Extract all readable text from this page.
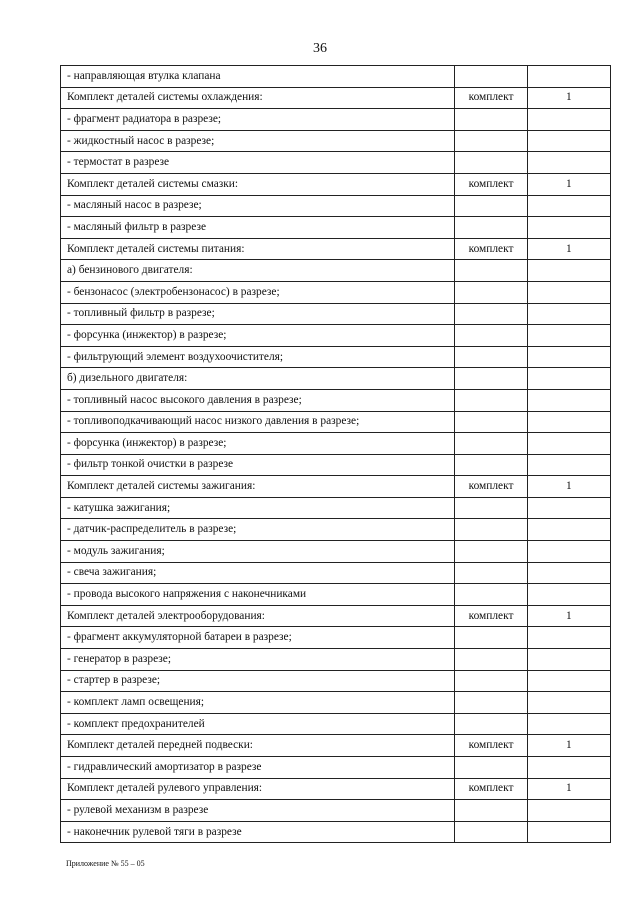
36
- направляющая втулка клапана		
Комплект деталей системы охлаждения:	комплект	1
- фрагмент радиатора в разрезе;		
- жидкостный насос в разрезе;		
- термостат в разрезе		
Комплект деталей системы смазки:	комплект	1
- масляный насос в разрезе;		
- масляный фильтр в разрезе		
Комплект деталей системы питания:	комплект	1
а) бензинового двигателя:		
- бензонасос (электробензонасос) в разрезе;		
- топливный фильтр в разрезе;		
- форсунка (инжектор) в разрезе;		
- фильтрующий элемент воздухоочистителя;		
б) дизельного двигателя:		
- топливный насос высокого давления в разрезе;		
- топливоподкачивающий насос низкого давления в разрезе;		
- форсунка (инжектор) в разрезе;		
- фильтр тонкой очистки в разрезе		
Комплект деталей системы зажигания:	комплект	1
- катушка зажигания;		
- датчик-распределитель в разрезе;		
- модуль зажигания;		
- свеча зажигания;		
- провода высокого напряжения с наконечниками		
Комплект деталей электрооборудования:	комплект	1
- фрагмент аккумуляторной батареи в разрезе;		
- генератор в разрезе;		
- стартер в разрезе;		
- комплект ламп освещения;		
- комплект предохранителей		
Комплект деталей передней подвески:	комплект	1
- гидравлический амортизатор в разрезе		
Комплект деталей рулевого управления:	комплект	1
- рулевой механизм в разрезе		
- наконечник рулевой тяги в разрезе		
Приложение № 55 – 05
